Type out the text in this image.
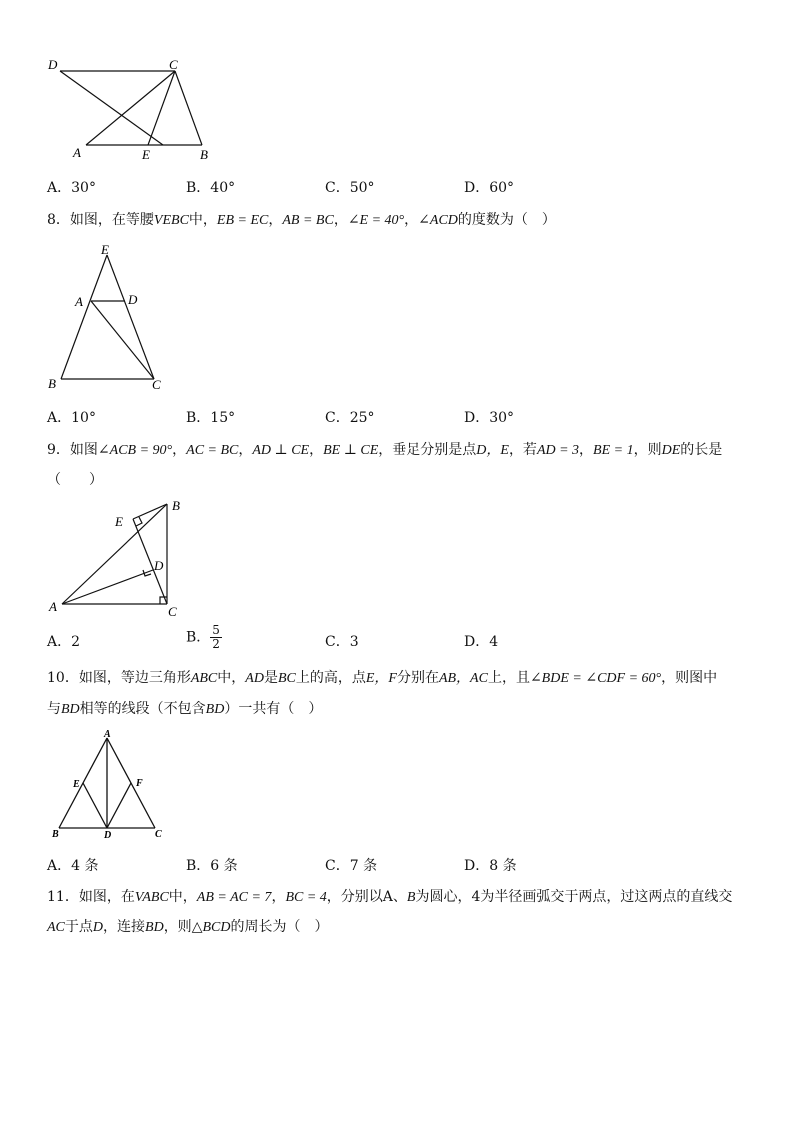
D	C
A	E	B
A．30°	B．40°	C．50°	D．60°
8．如图，在等腰VEBC中，EB = EC，AB = BC，∠E = 40°，∠ACD的度数为（　）
E
A	D
B	C
A．10°	B．15°	C．25°	D．30°
9．如图∠ACB = 90°，AC = BC，AD ⊥ CE，BE ⊥ CE，垂足分别是点D，E，若AD = 3，BE = 1，则DE的长是
（　　）
B
E
D
A	C
A．2	B． $\frac{5}{2}$	C．3	D．4
10．如图，等边三角形ABC中，AD是BC上的高，点E，F分别在AB，AC上，且∠BDE = ∠CDF = 60°，则图中
与BD相等的线段（不包含BD）一共有（　）
A
E	F
B	D	C
A．4 条	B．6 条	C．7 条	D．8 条
11．如图，在VABC中，AB = AC = 7，BC = 4，分别以A、B为圆心，4为半径画弧交于两点，过这两点的直线交
AC于点D，连接BD，则△BCD的周长为（　）
